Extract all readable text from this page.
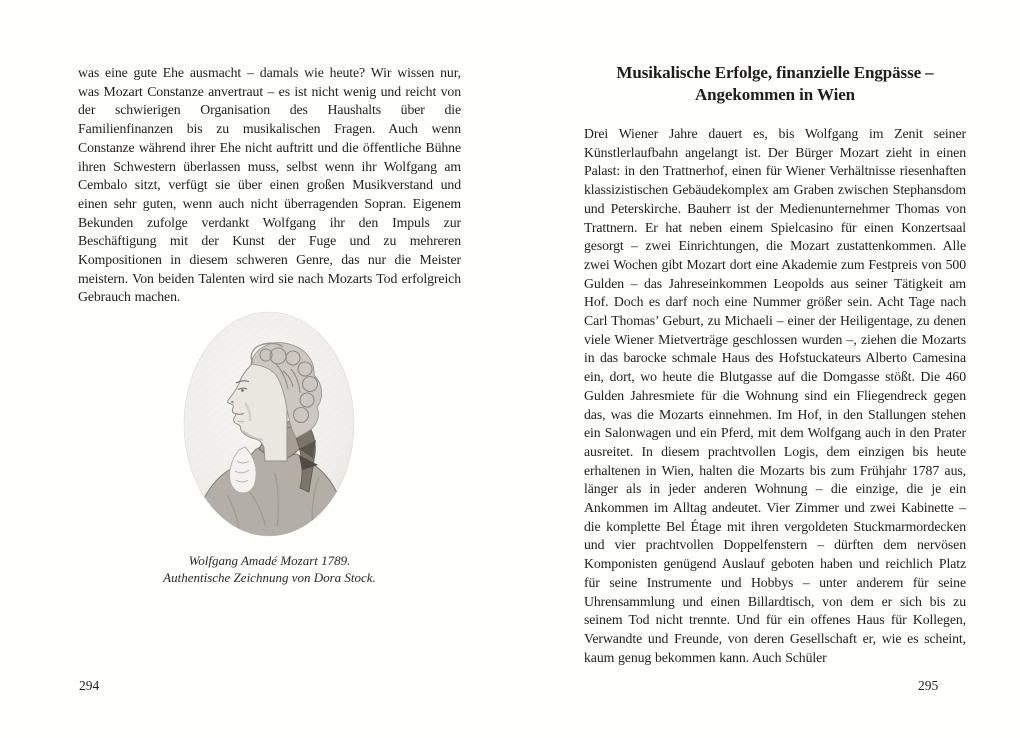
was eine gute Ehe ausmacht – damals wie heute? Wir wissen nur, was Mozart Constanze anvertraut – es ist nicht wenig und reicht von der schwierigen Organisation des Haushalts über die Familienfinanzen bis zu musikalischen Fragen. Auch wenn Constanze während ihrer Ehe nicht auftritt und die öffentliche Bühne ihren Schwestern überlassen muss, selbst wenn ihr Wolfgang am Cembalo sitzt, verfügt sie über einen großen Musikverstand und einen sehr guten, wenn auch nicht überragenden Sopran. Eigenem Bekunden zufolge verdankt Wolfgang ihr den Impuls zur Beschäftigung mit der Kunst der Fuge und zu mehreren Kompositionen in diesem schweren Genre, das nur die Meister meistern. Von beiden Talenten wird sie nach Mozarts Tod erfolgreich Gebrauch machen.
Wolfgang Amadé Mozart 1789.
Authentische Zeichnung von Dora Stock.
294
Musikalische Erfolge, finanzielle Engpässe –
Angekommen in Wien
Drei Wiener Jahre dauert es, bis Wolfgang im Zenit seiner Künstlerlaufbahn angelangt ist. Der Bürger Mozart zieht in einen Palast: in den Trattnerhof, einen für Wiener Verhältnisse riesenhaften klassizistischen Gebäudekomplex am Graben zwischen Stephansdom und Peterskirche. Bauherr ist der Medienunternehmer Thomas von Trattnern. Er hat neben einem Spielcasino für einen Konzertsaal gesorgt – zwei Einrichtungen, die Mozart zustattenkommen. Alle zwei Wochen gibt Mozart dort eine Akademie zum Festpreis von 500 Gulden – das Jahreseinkommen Leopolds aus seiner Tätigkeit am Hof. Doch es darf noch eine Nummer größer sein. Acht Tage nach Carl Thomas’ Geburt, zu Michaeli – einer der Heiligentage, zu denen viele Wiener Mietverträge geschlossen wurden –, ziehen die Mozarts in das barocke schmale Haus des Hofstuckateurs Alberto Camesina ein, dort, wo heute die Blutgasse auf die Domgasse stößt. Die 460 Gulden Jahresmiete für die Wohnung sind ein Fliegendreck gegen das, was die Mozarts einnehmen. Im Hof, in den Stallungen stehen ein Salonwagen und ein Pferd, mit dem Wolfgang auch in den Prater ausreitet. In diesem prachtvollen Logis, dem einzigen bis heute erhaltenen in Wien, halten die Mozarts bis zum Frühjahr 1787 aus, länger als in jeder anderen Wohnung – die einzige, die je ein Ankommen im Alltag andeutet. Vier Zimmer und zwei Kabinette – die komplette Bel Étage mit ihren vergoldeten Stuckmarmordecken und vier prachtvollen Doppelfenstern – dürften dem nervösen Komponisten genügend Auslauf geboten haben und reichlich Platz für seine Instrumente und Hobbys – unter anderem für seine Uhrensammlung und einen Billardtisch, von dem er sich bis zu seinem Tod nicht trennte. Und für ein offenes Haus für Kollegen, Verwandte und Freunde, von deren Gesellschaft er, wie es scheint, kaum genug bekommen kann. Auch Schüler
295
